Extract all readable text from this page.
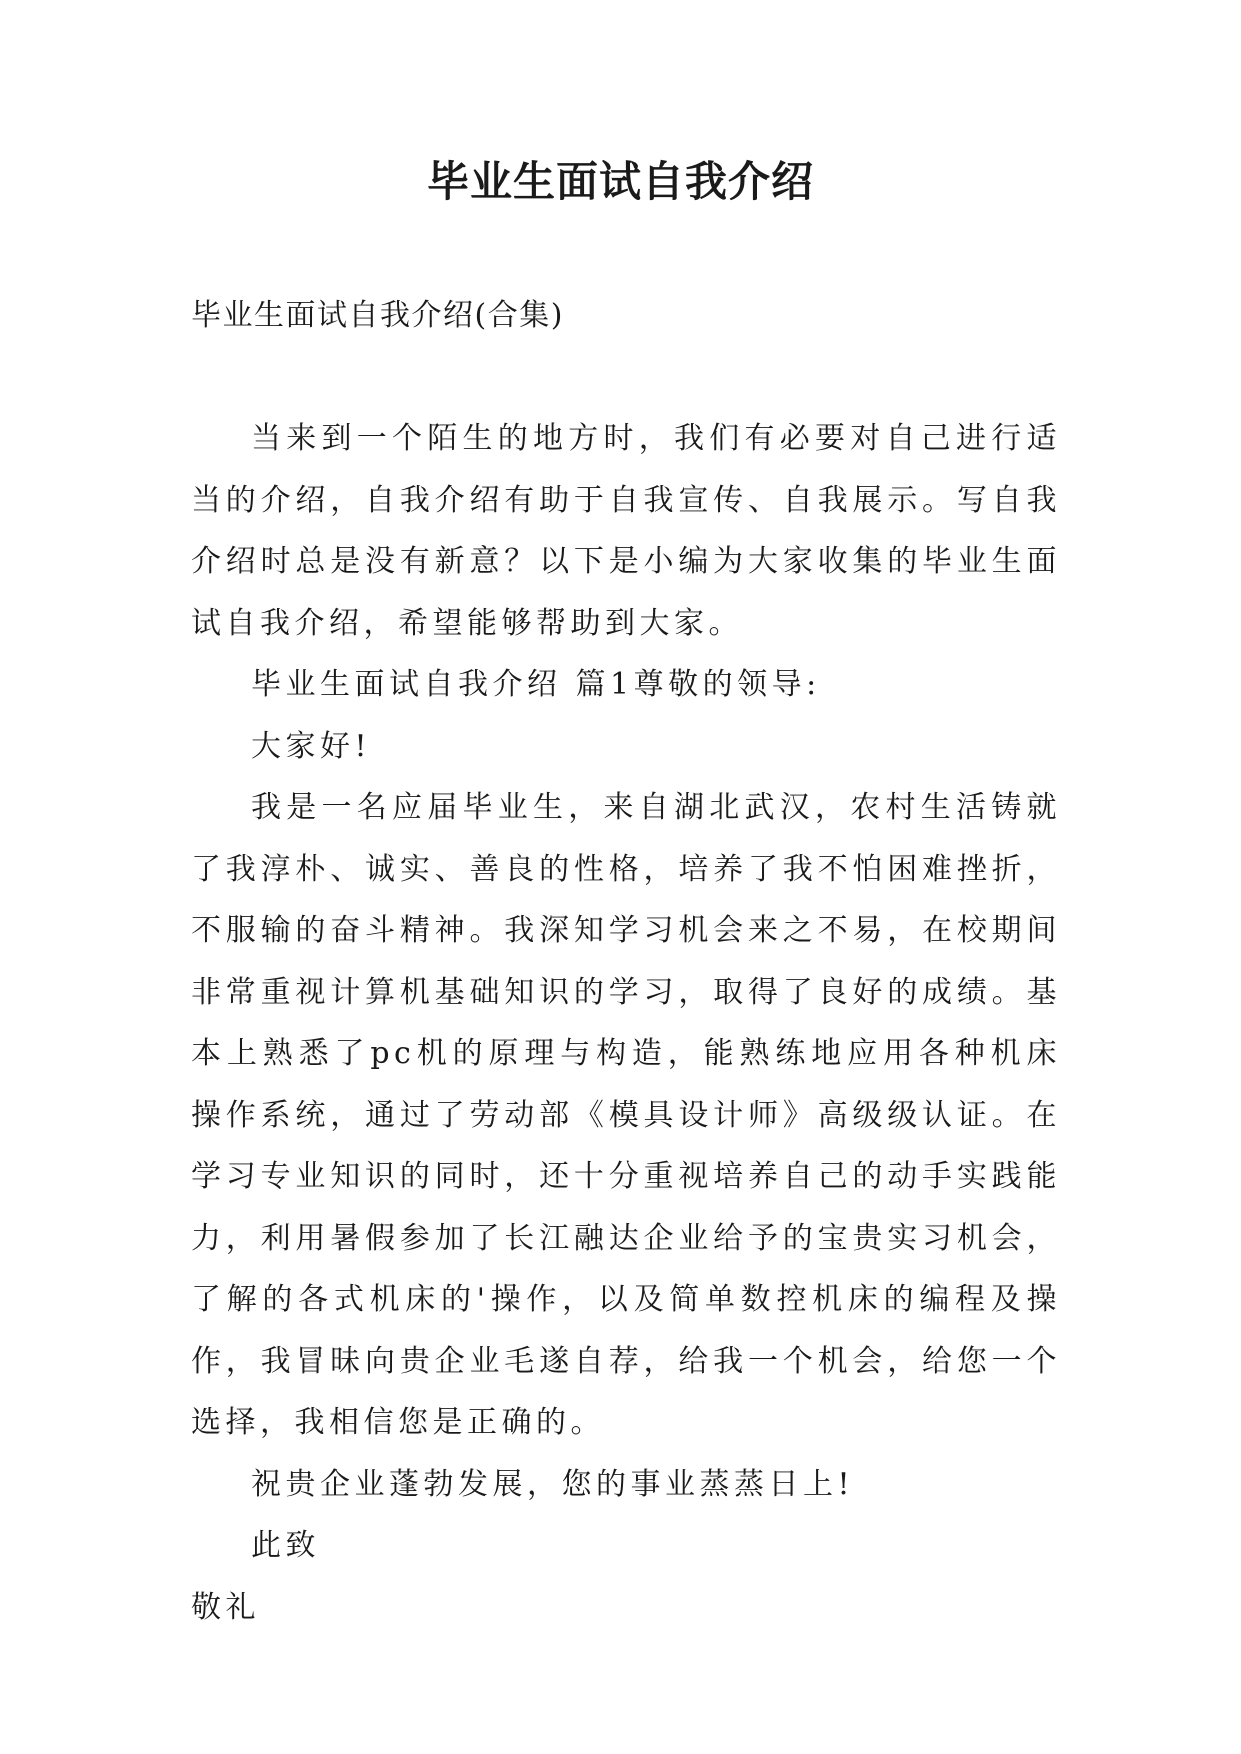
毕业生面试自我介绍

毕业生面试自我介绍(合集)

当来到一个陌生的地方时，我们有必要对自己进行适当的介绍，自我介绍有助于自我宣传、自我展示。写自我介绍时总是没有新意？以下是小编为大家收集的毕业生面试自我介绍，希望能够帮助到大家。

毕业生面试自我介绍 篇1尊敬的领导:

大家好!

我是一名应届毕业生，来自湖北武汉，农村生活铸就了我淳朴、诚实、善良的性格，培养了我不怕困难挫折，不服输的奋斗精神。我深知学习机会来之不易，在校期间非常重视计算机基础知识的学习，取得了良好的成绩。基本上熟悉了pc机的原理与构造，能熟练地应用各种机床操作系统，通过了劳动部《模具设计师》高级级认证。在学习专业知识的同时，还十分重视培养自己的动手实践能力，利用暑假参加了长江融达企业给予的宝贵实习机会，了解的各式机床的'操作，以及简单数控机床的编程及操作，我冒昧向贵企业毛遂自荐，给我一个机会，给您一个选择，我相信您是正确的。

祝贵企业蓬勃发展，您的事业蒸蒸日上!

此致

敬礼
